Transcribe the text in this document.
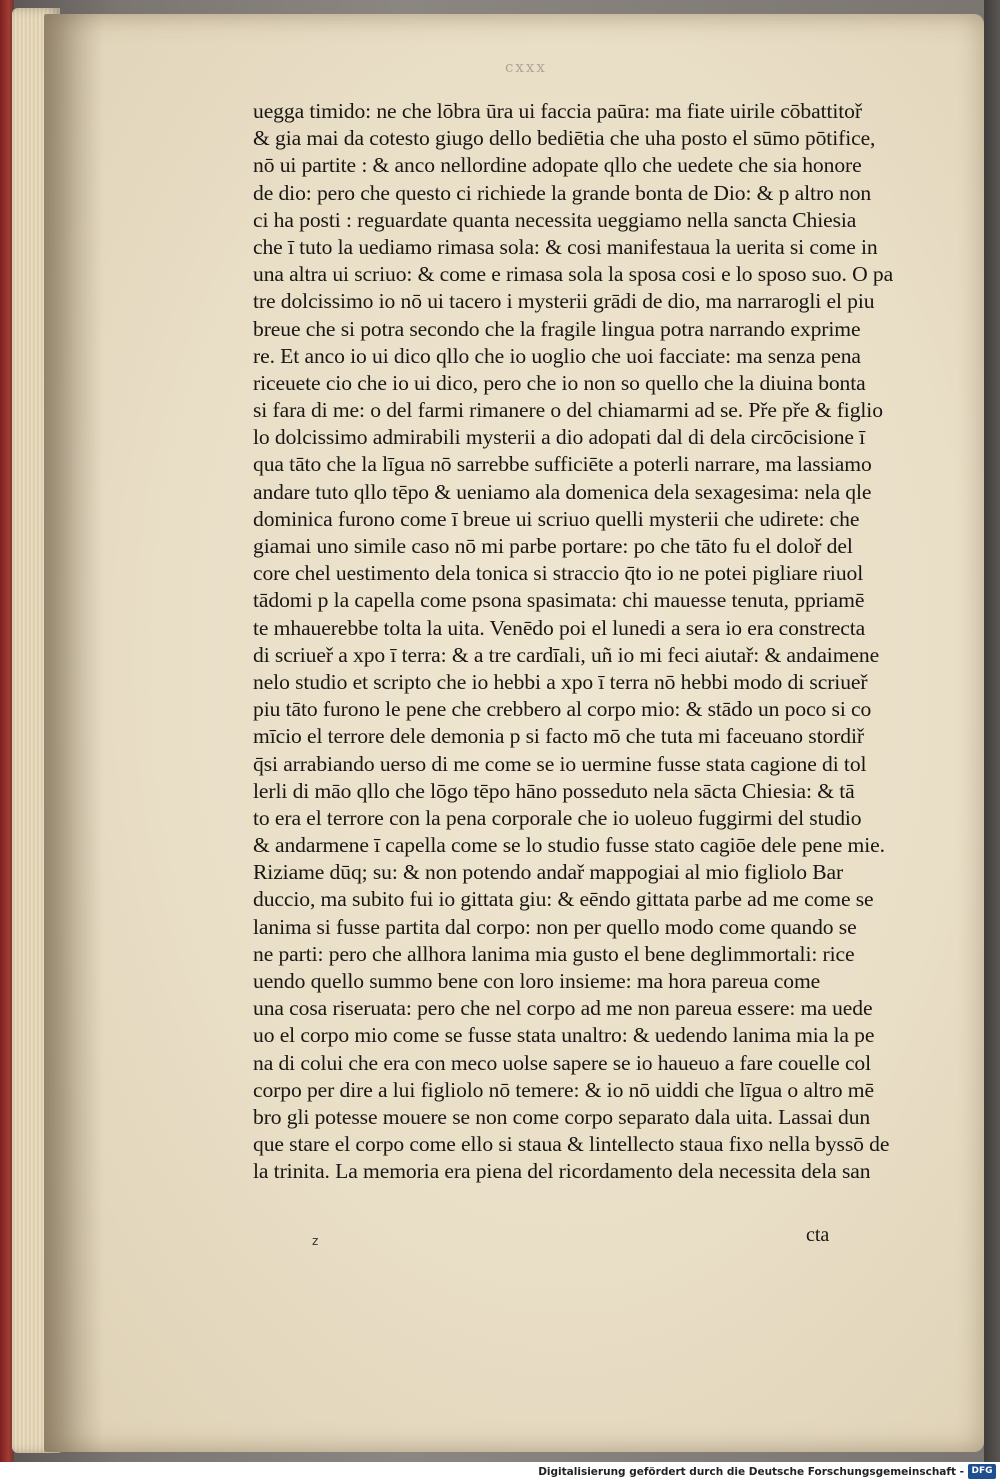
cxxx
uegga timido: ne che lōbra ūra ui faccia paūra: ma fiate uirile cōbattitoř
& gia mai da cotesto giugo dello bediētia che uha posto el sūmo pōtifice,
nō ui partite : & anco nellordine adopate qllo che uedete che sia honore
de dio: pero che questo ci richiede la grande bonta de Dio: & p altro non
ci ha posti : reguardate quanta necessita ueggiamo nella sancta Chiesia
che ī tuto la uediamo rimasa sola: & cosi manifestaua la uerita si come in
una altra ui scriuo: & come e rimasa sola la sposa cosi e lo sposo suo. O pa
tre dolcissimo io nō ui tacero i mysterii grādi de dio, ma narrarogli el piu
breue che si potra secondo che la fragile lingua potra narrando exprime
re. Et anco io ui dico qllo che io uoglio che uoi facciate: ma senza pena
riceuete cio che io ui dico, pero che io non so quello che la diuina bonta
si fara di me: o del farmi rimanere o del chiamarmi ad se. Pře pře & figlio
lo dolcissimo admirabili mysterii a dio adopati dal di dela circōcisione ī
qua tāto che la līgua nō sarrebbe sufficiēte a poterli narrare, ma lassiamo
andare tuto qllo tēpo & ueniamo ala domenica dela sexagesima: nela qle
dominica furono come ī breue ui scriuo quelli mysterii che udirete: che
giamai uno simile caso nō mi parbe portare: po che tāto fu el doloř del
core chel uestimento dela tonica si straccio q̄to io ne potei pigliare riuol
tādomi p la capella come psona spasimata: chi mauesse tenuta, ppriamē
te mhauerebbe tolta la uita. Venēdo poi el lunedi a sera io era constrecta
di scriueř a xpo ī terra: & a tre cardīali, uñ io mi feci aiutař: & andaimene
nelo studio et scripto che io hebbi a xpo ī terra nō hebbi modo di scriueř
piu tāto furono le pene che crebbero al corpo mio: & stādo un poco si co
mīcio el terrore dele demonia p si facto mō che tuta mi faceuano stordiř
q̄si arrabiando uerso di me come se io uermine fusse stata cagione di tol
lerli di māo qllo che lōgo tēpo hāno posseduto nela sācta Chiesia: & tā
to era el terrore con la pena corporale che io uoleuo fuggirmi del studio
& andarmene ī capella come se lo studio fusse stato cagiōe dele pene mie.
Riziame dūq; su: & non potendo andař mappogiai al mio figliolo Bar
duccio, ma subito fui io gittata giu: & eēndo gittata parbe ad me come se
lanima si fusse partita dal corpo: non per quello modo come quando se
ne parti: pero che allhora lanima mia gusto el bene deglimmortali: rice
uendo quello summo bene con loro insieme: ma hora pareua come
una cosa riseruata: pero che nel corpo ad me non pareua essere: ma uede
uo el corpo mio come se fusse stata unaltro: & uedendo lanima mia la pe
na di colui che era con meco uolse sapere se io haueuo a fare couelle col
corpo per dire a lui figliolo nō temere: & io nō uiddi che līgua o altro mē
bro gli potesse mouere se non come corpo separato dala uita. Lassai dun
que stare el corpo come ello si staua & lintellecto staua fixo nella byssō de
la trinita. La memoria era piena del ricordamento dela necessita dela san
z	cta
Digitalisierung gefördert durch die Deutsche Forschungsgemeinschaft - DFG
